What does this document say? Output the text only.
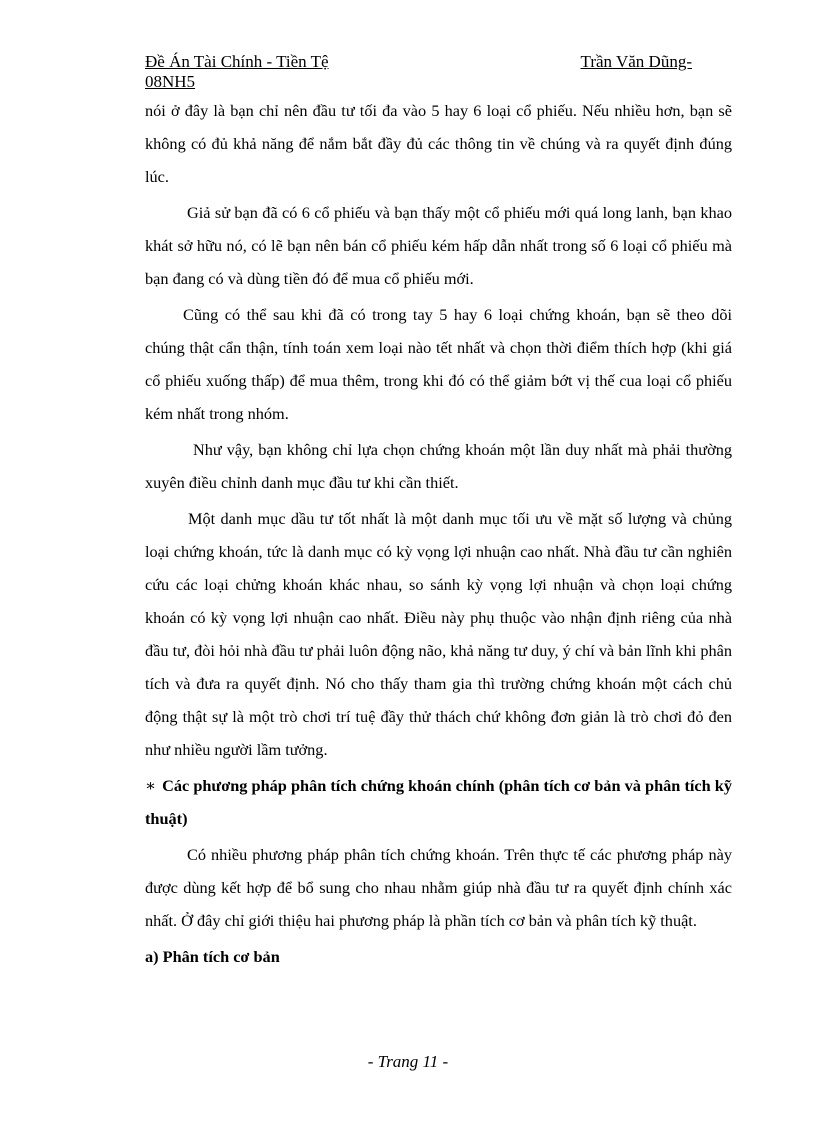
Đề Án Tài Chính - Tiền Tệ	Trần Văn Dũng-
08NH5

nói ở đây là bạn chỉ nên đầu tư tối đa vào 5 hay 6 loại cổ phiếu. Nếu nhiều hơn, bạn sẽ không có đủ khả năng để nắm bắt đầy đủ các thông tin về chúng và ra quyết định đúng lúc.

Giả sử bạn đã có 6 cổ phiếu và bạn thấy một cổ phiếu mới quá long lanh, bạn khao khát sở hữu nó, có lẽ bạn nên bán cổ phiếu kém hấp dẫn nhất trong số 6 loại cổ phiếu mà bạn đang có và dùng tiền đó để mua cổ phiếu mới.

Cũng có thể sau khi đã có trong tay 5 hay 6 loại chứng khoán, bạn sẽ theo dõi chúng thật cẩn thận, tính toán xem loại nào tết nhất và chọn thời điểm thích hợp (khi giá cổ phiếu xuống thấp) để mua thêm, trong khi đó có thể giảm bớt vị thế cua loại cổ phiếu kém nhất trong nhóm.

Như vậy, bạn không chỉ lựa chọn chứng khoán một lần duy nhất mà phải thường xuyên điều chỉnh danh mục đầu tư khi cần thiết.

Một danh mục dầu tư tốt nhất là một danh mục tối ưu về mặt số lượng và chủng loại chứng khoán, tức là danh mục có kỳ vọng lợi nhuận cao nhất. Nhà đầu tư cần nghiên cứu các loại chửng khoán khác nhau, so sánh kỳ vọng lợi nhuận và chọn loại chứng khoán có kỳ vọng lợi nhuận cao nhất. Điều này phụ thuộc vào nhận định riêng của nhà đầu tư, đòi hỏi nhà đầu tư phải luôn động não, khả năng tư duy, ý chí và bản lĩnh khi phân tích và đưa ra quyết định. Nó cho thấy tham gia thì trường chứng khoán một cách chủ động thật sự là một trò chơi trí tuệ đầy thử thách chứ không đơn giản là trò chơi đỏ đen như nhiều người lầm tưởng.

∗ Các phương pháp phân tích chứng khoán chính (phân tích cơ bản và phân tích kỹ thuật)

Có nhiều phương pháp phân tích chứng khoán. Trên thực tế các phương pháp này được dùng kết hợp để bổ sung cho nhau nhằm giúp nhà đầu tư ra quyết định chính xác nhất. Ở đây chỉ giới thiệu hai phương pháp là phần tích cơ bản và phân tích kỹ thuật.

a) Phân tích cơ bản

- Trang 11 -
